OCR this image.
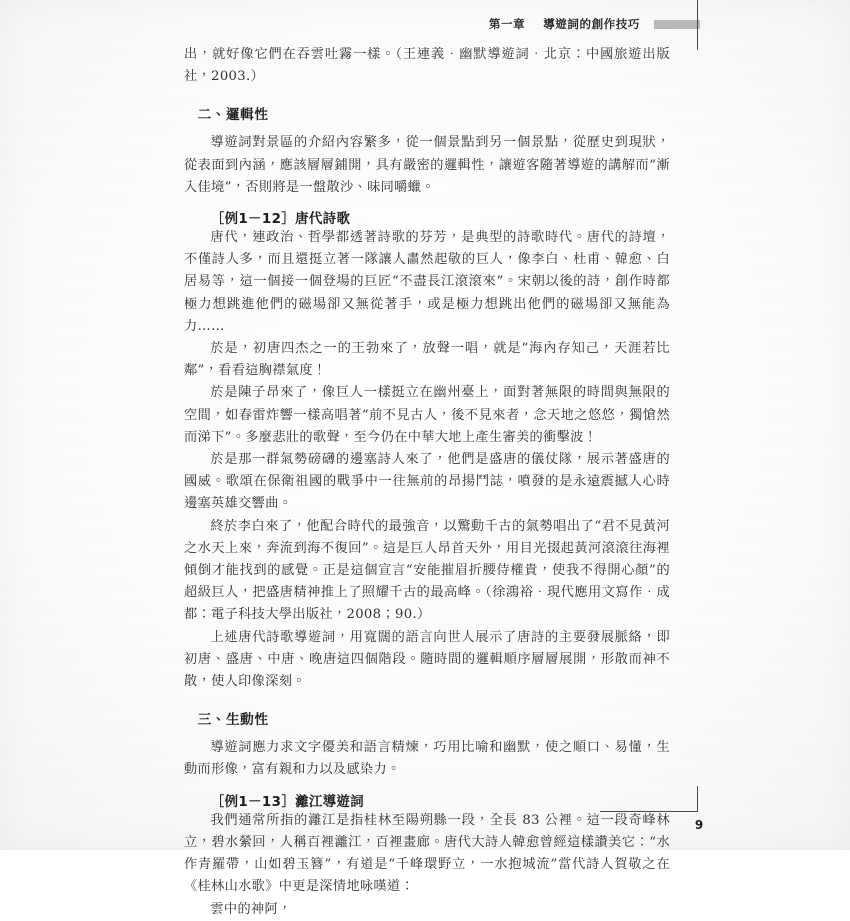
第一章 導遊詞的創作技巧

出，就好像它們在吞雲吐霧一樣。（王連義．幽默導遊詞．北京：中國旅遊出版社，2003.）

二、邏輯性

導遊詞對景區的介紹內容繁多，從一個景點到另一個景點，從歷史到現狀，從表面到內涵，應該層層鋪開，具有嚴密的邏輯性，讓遊客隨著導遊的講解而“漸入佳境”，否則將是一盤散沙、味同嚼蠟。

［例1－12］唐代詩歌

唐代，連政治、哲學都透著詩歌的芬芳，是典型的詩歌時代。唐代的詩壇，不僅詩人多，而且還挺立著一隊讓人肅然起敬的巨人，像李白、杜甫、韓愈、白居易等，這一個接一個登場的巨匠“不盡長江滾滾來”。宋朝以後的詩，創作時都極力想跳進他們的磁場卻又無從著手，或是極力想跳出他們的磁場卻又無能為力……

於是，初唐四杰之一的王勃來了，放聲一唱，就是“海內存知己，天涯若比鄰”，看看這胸襟氣度！

於是陳子昂來了，像巨人一樣挺立在幽州臺上，面對著無限的時間與無限的空間，如春雷炸響一樣高唱著“前不見古人，後不見來者，念天地之悠悠，獨愴然而涕下”。多麼悲壯的歌聲，至今仍在中華大地上產生審美的衝擊波！

於是那一群氣勢磅礴的邊塞詩人來了，他們是盛唐的儀仗隊，展示著盛唐的國威。歌頌在保衛祖國的戰爭中一往無前的昂揚鬥誌，噴發的是永遠震撼人心時邊塞英雄交響曲。

終於李白來了，他配合時代的最強音，以驚動千古的氣勢唱出了“君不見黃河之水天上來，奔流到海不復回”。這是巨人昂首天外，用目光掇起黃河滾滾往海裡傾倒才能找到的感覺。正是這個宣言“安能摧眉折腰侍權貴，使我不得開心顏”的超級巨人，把盛唐精神推上了照耀千古的最高峰。（徐鴻裕．現代應用文寫作．成都：電子科技大學出版社，2008；90.）

上述唐代詩歌導遊詞，用寬闊的語言向世人展示了唐詩的主要發展脈絡，即初唐、盛唐、中唐、晚唐這四個階段。隨時間的邏輯順序層層展開，形散而神不散，使人印像深刻。

三、生動性

導遊詞應力求文字優美和語言精煉，巧用比喻和幽默，使之順口、易懂，生動而形像，富有親和力以及感染力。

［例1－13］灕江導遊詞

我們通常所指的灕江是指桂林至陽朔縣一段，全長 83 公裡。這一段奇峰林立，碧水縈回，人稱百裡灕江，百裡畫廊。唐代大詩人韓愈曾經這樣讚美它：“水作青羅帶，山如碧玉簪”，有道是“千峰環野立，一水抱城流”當代詩人賀敬之在《桂林山水歌》中更是深情地咏嘆道：

雲中的神阿，

9
